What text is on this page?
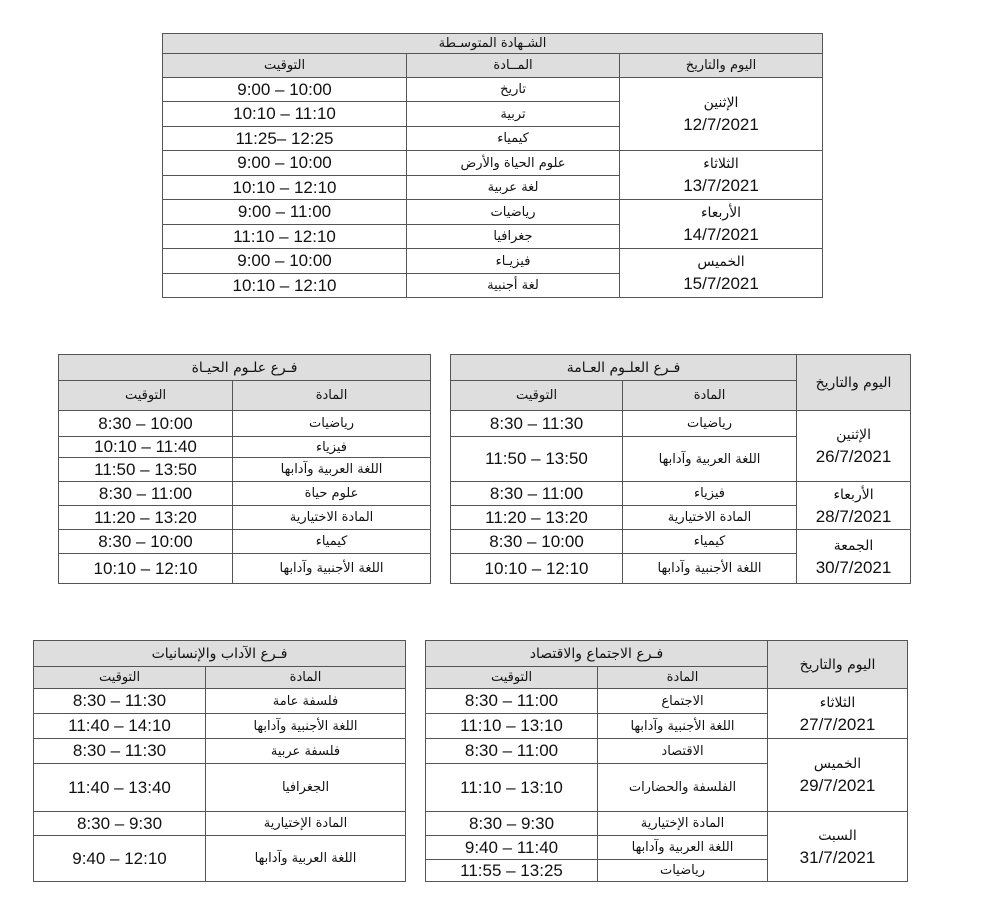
الشـهادة المتوسـطة		
اليوم والتاريخ	المــادة	التوقيت

الإثنين
12/7/2021	تاريخ	9:00 – 10:00
	تربية	10:10 – 11:10
	كيمياء	11:25– 12:25

الثلاثاء
13/7/2021	علوم الحياة والأرض	9:00 – 10:00
	لغة عربية	10:10 – 12:10

الأربعاء
14/7/2021	رياضيات	9:00 – 11:00
	جغرافيا	11:10 – 12:10

الخميس
15/7/2021	فيزيـاء	9:00 – 10:00
	لغة أجنبية	10:10 – 12:10
اليوم والتاريخ	فـرع العلـوم العـامة			فـرع علـوم الحيـاة	
	المادة	التوقيت		المادة	التوقيت

الإثنين
26/7/2021	رياضيات	8:30 – 11:30		رياضيات	8:30 – 10:00
	اللغة العربية وآدابها	11:50 – 13:50		فيزياء	10:10 – 11:40
				اللغة العربية وآدابها	11:50 – 13:50

الأربعاء
28/7/2021	فيزياء	8:30 – 11:00		علوم حياة	8:30 – 11:00
	المادة الاختيارية	11:20 – 13:20		المادة الاختيارية	11:20 – 13:20

الجمعة
30/7/2021	كيمياء	8:30 – 10:00		كيمياء	8:30 – 10:00
	اللغة الأجنبية وآدابها	10:10 – 12:10		اللغة الأجنبية وآدابها	10:10 – 12:10
اليوم والتاريخ	فـرع الاجتماع والاقتصاد			فـرع الآداب والإنسانيات	
	المادة	التوقيت		المادة	التوقيت

الثلاثاء
27/7/2021	الاجتماع	8:30 – 11:00		فلسفة عامة	8:30 – 11:30
	اللغة الأجنبية وآدابها	11:10 – 13:10		اللغة الأجنبية وآدابها	11:40 – 14:10

الخميس
29/7/2021	الاقتصاد	8:30 – 11:00		فلسفة عربية	8:30 – 11:30
	الفلسفة والحضارات	11:10 – 13:10		الجغرافيا	11:40 – 13:40

السبت
31/7/2021	المادة الإختيارية	8:30 – 9:30		المادة الإختيارية	8:30 – 9:30
	اللغة العربية وآدابها	9:40 – 11:40		اللغة العربية وآدابها	9:40 – 12:10
	رياضيات	11:55 – 13:25			
